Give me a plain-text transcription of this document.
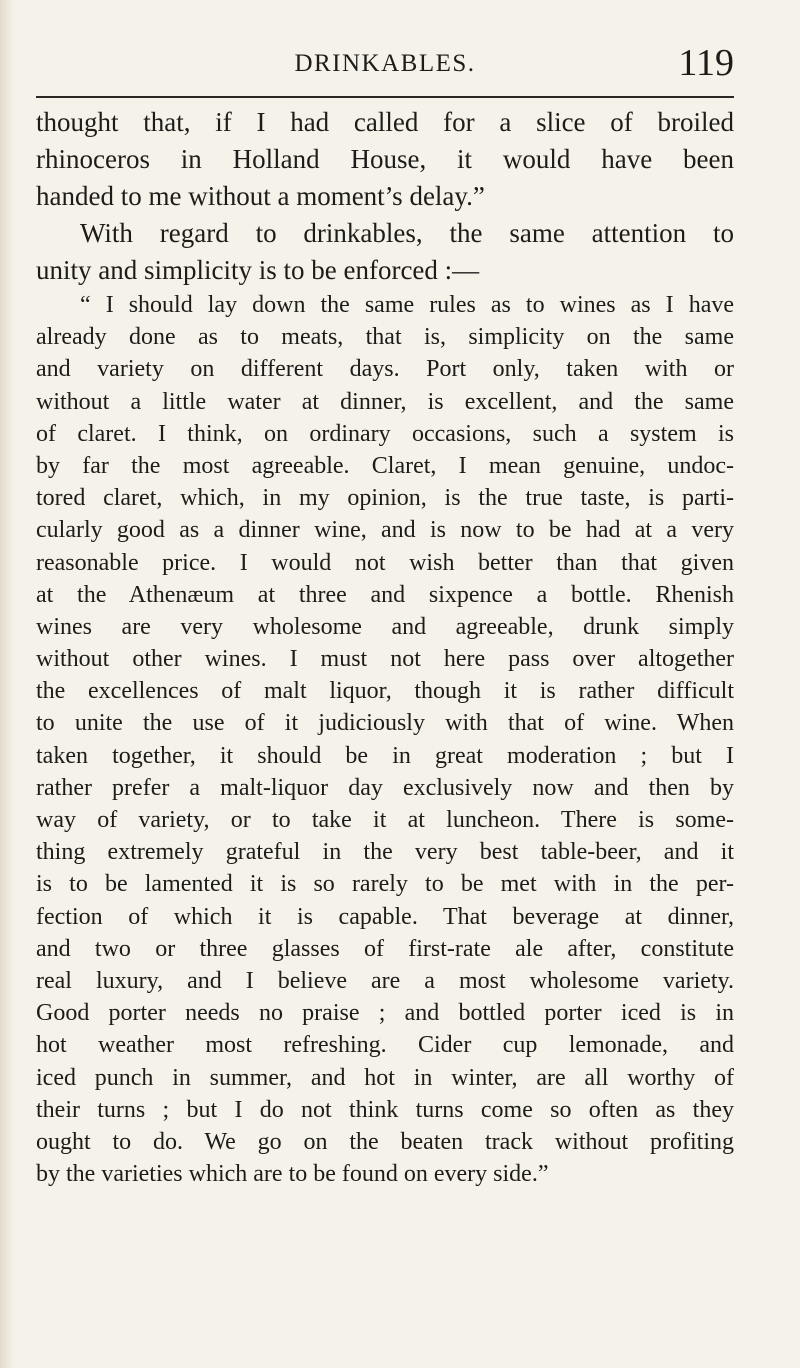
DRINKABLES.	119
thought that, if I had called for a slice of broiled
rhinoceros in Holland House, it would have been
handed to me without a moment’s delay.”
With regard to drinkables, the same attention to
unity and simplicity is to be enforced :—
“ I should lay down the same rules as to wines as I have
already done as to meats, that is, simplicity on the same
and variety on different days. Port only, taken with or
without a little water at dinner, is excellent, and the same
of claret. I think, on ordinary occasions, such a system is
by far the most agreeable. Claret, I mean genuine, undoc-
tored claret, which, in my opinion, is the true taste, is parti-
cularly good as a dinner wine, and is now to be had at a very
reasonable price. I would not wish better than that given
at the Athenæum at three and sixpence a bottle. Rhenish
wines are very wholesome and agreeable, drunk simply
without other wines. I must not here pass over altogether
the excellences of malt liquor, though it is rather difficult
to unite the use of it judiciously with that of wine. When
taken together, it should be in great moderation ; but I
rather prefer a malt-liquor day exclusively now and then by
way of variety, or to take it at luncheon. There is some-
thing extremely grateful in the very best table-beer, and it
is to be lamented it is so rarely to be met with in the per-
fection of which it is capable. That beverage at dinner,
and two or three glasses of first-rate ale after, constitute
real luxury, and I believe are a most wholesome variety.
Good porter needs no praise ; and bottled porter iced is in
hot weather most refreshing. Cider cup lemonade, and
iced punch in summer, and hot in winter, are all worthy of
their turns ; but I do not think turns come so often as they
ought to do. We go on the beaten track without profiting
by the varieties which are to be found on every side.”
